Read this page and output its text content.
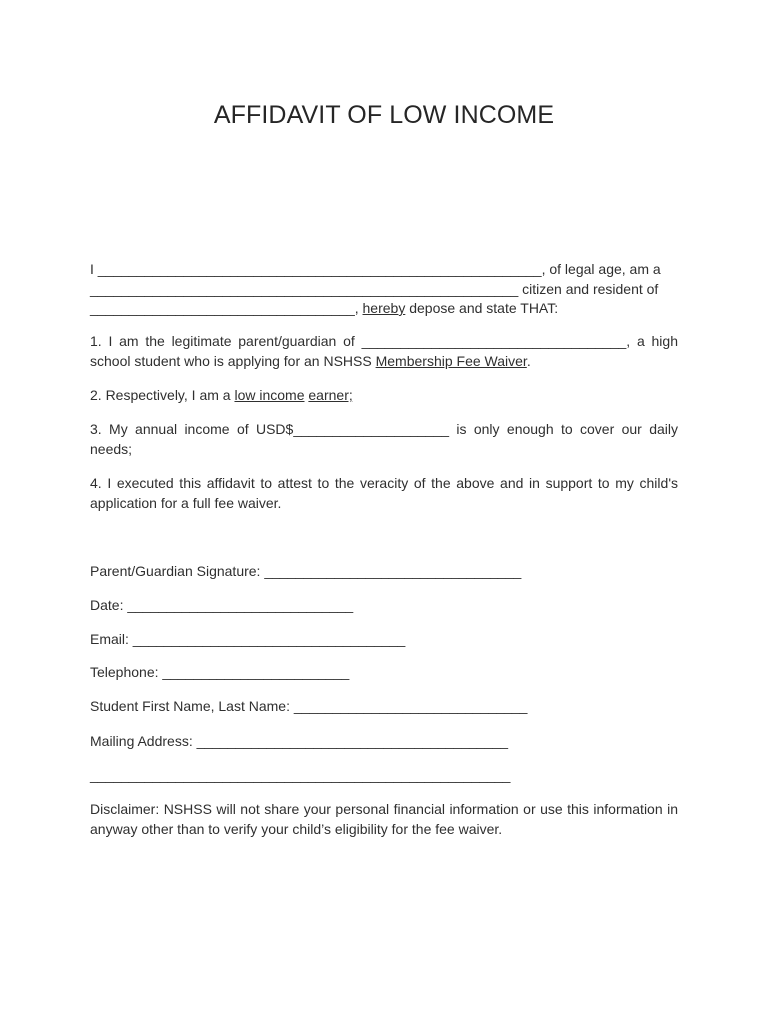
AFFIDAVIT OF LOW INCOME
I _________________________________________________________, of legal age, am a
_______________________________________________________ citizen and resident of
__________________________________, hereby depose and state THAT:
1. I am the legitimate parent/guardian of __________________________________, a high school student who is applying for an NSHSS Membership Fee Waiver.
2. Respectively, I am a low income earner;
3. My annual income of USD$____________________ is only enough to cover our daily needs;
4. I executed this affidavit to attest to the veracity of the above and in support to my child's application for a full fee waiver.
Parent/Guardian Signature: _________________________________
Date: _____________________________
Email: ___________________________________
Telephone: ________________________
Student First Name, Last Name: ______________________________
Mailing Address: ________________________________________
______________________________________________________
Disclaimer: NSHSS will not share your personal financial information or use this information in anyway other than to verify your child’s eligibility for the fee waiver.
